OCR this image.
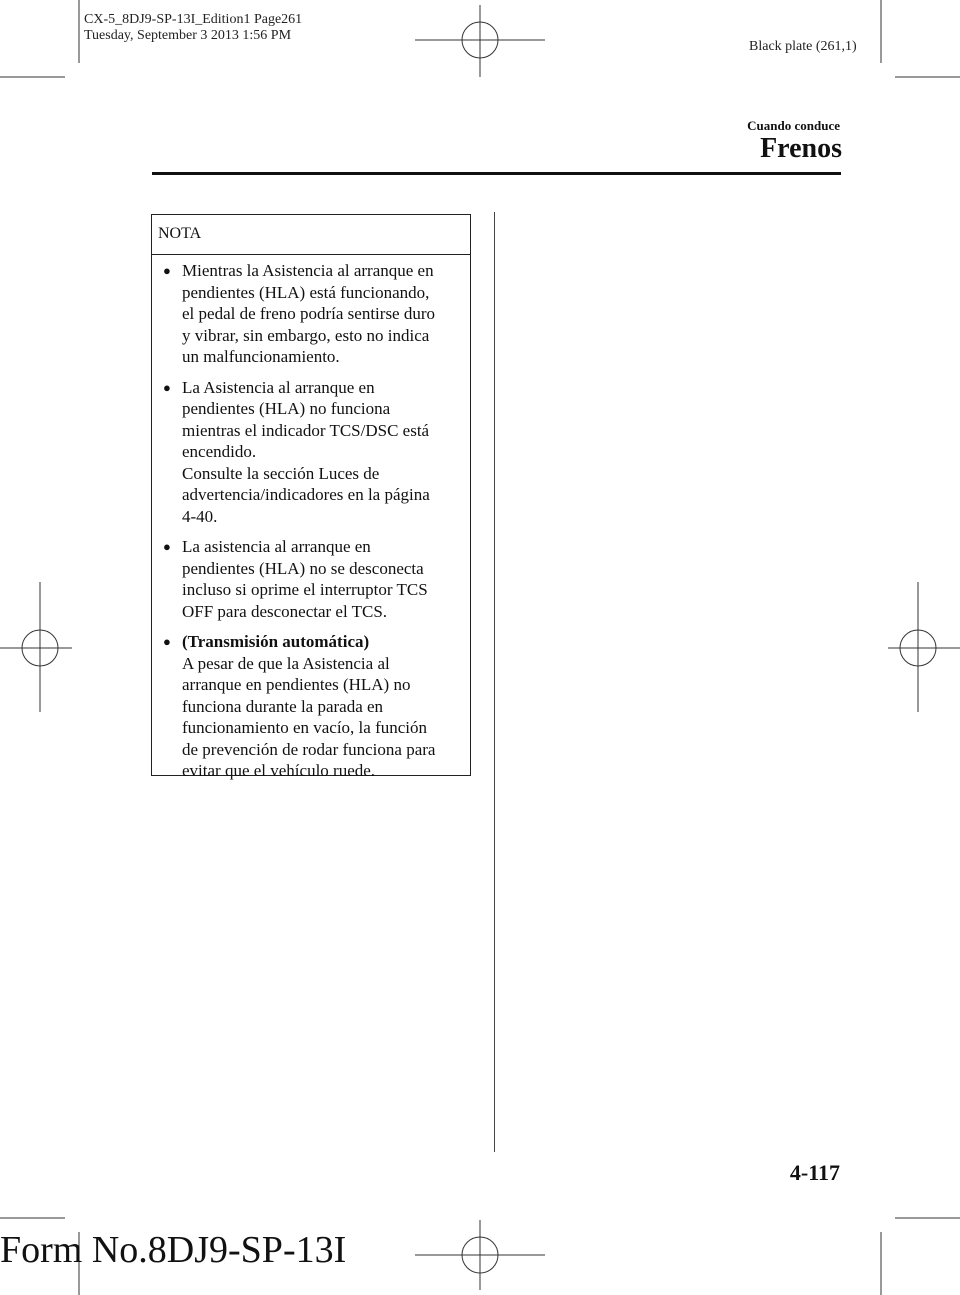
CX-5_8DJ9-SP-13I_Edition1 Page261
Tuesday, September 3 2013 1:56 PM
Black plate (261,1)
Cuando conduce
Frenos
NOTA
● Mientras la Asistencia al arranque en
pendientes (HLA) está funcionando,
el pedal de freno podría sentirse duro
y vibrar, sin embargo, esto no indica
un malfuncionamiento.
● La Asistencia al arranque en
pendientes (HLA) no funciona
mientras el indicador TCS/DSC está
encendido.
Consulte la sección Luces de
advertencia/indicadores en la página
4-40.
● La asistencia al arranque en
pendientes (HLA) no se desconecta
incluso si oprime el interruptor TCS
OFF para desconectar el TCS.
● (Transmisión automática)
A pesar de que la Asistencia al
arranque en pendientes (HLA) no
funciona durante la parada en
funcionamiento en vacío, la función
de prevención de rodar funciona para
evitar que el vehículo ruede.
4-117
Form No.8DJ9-SP-13I
